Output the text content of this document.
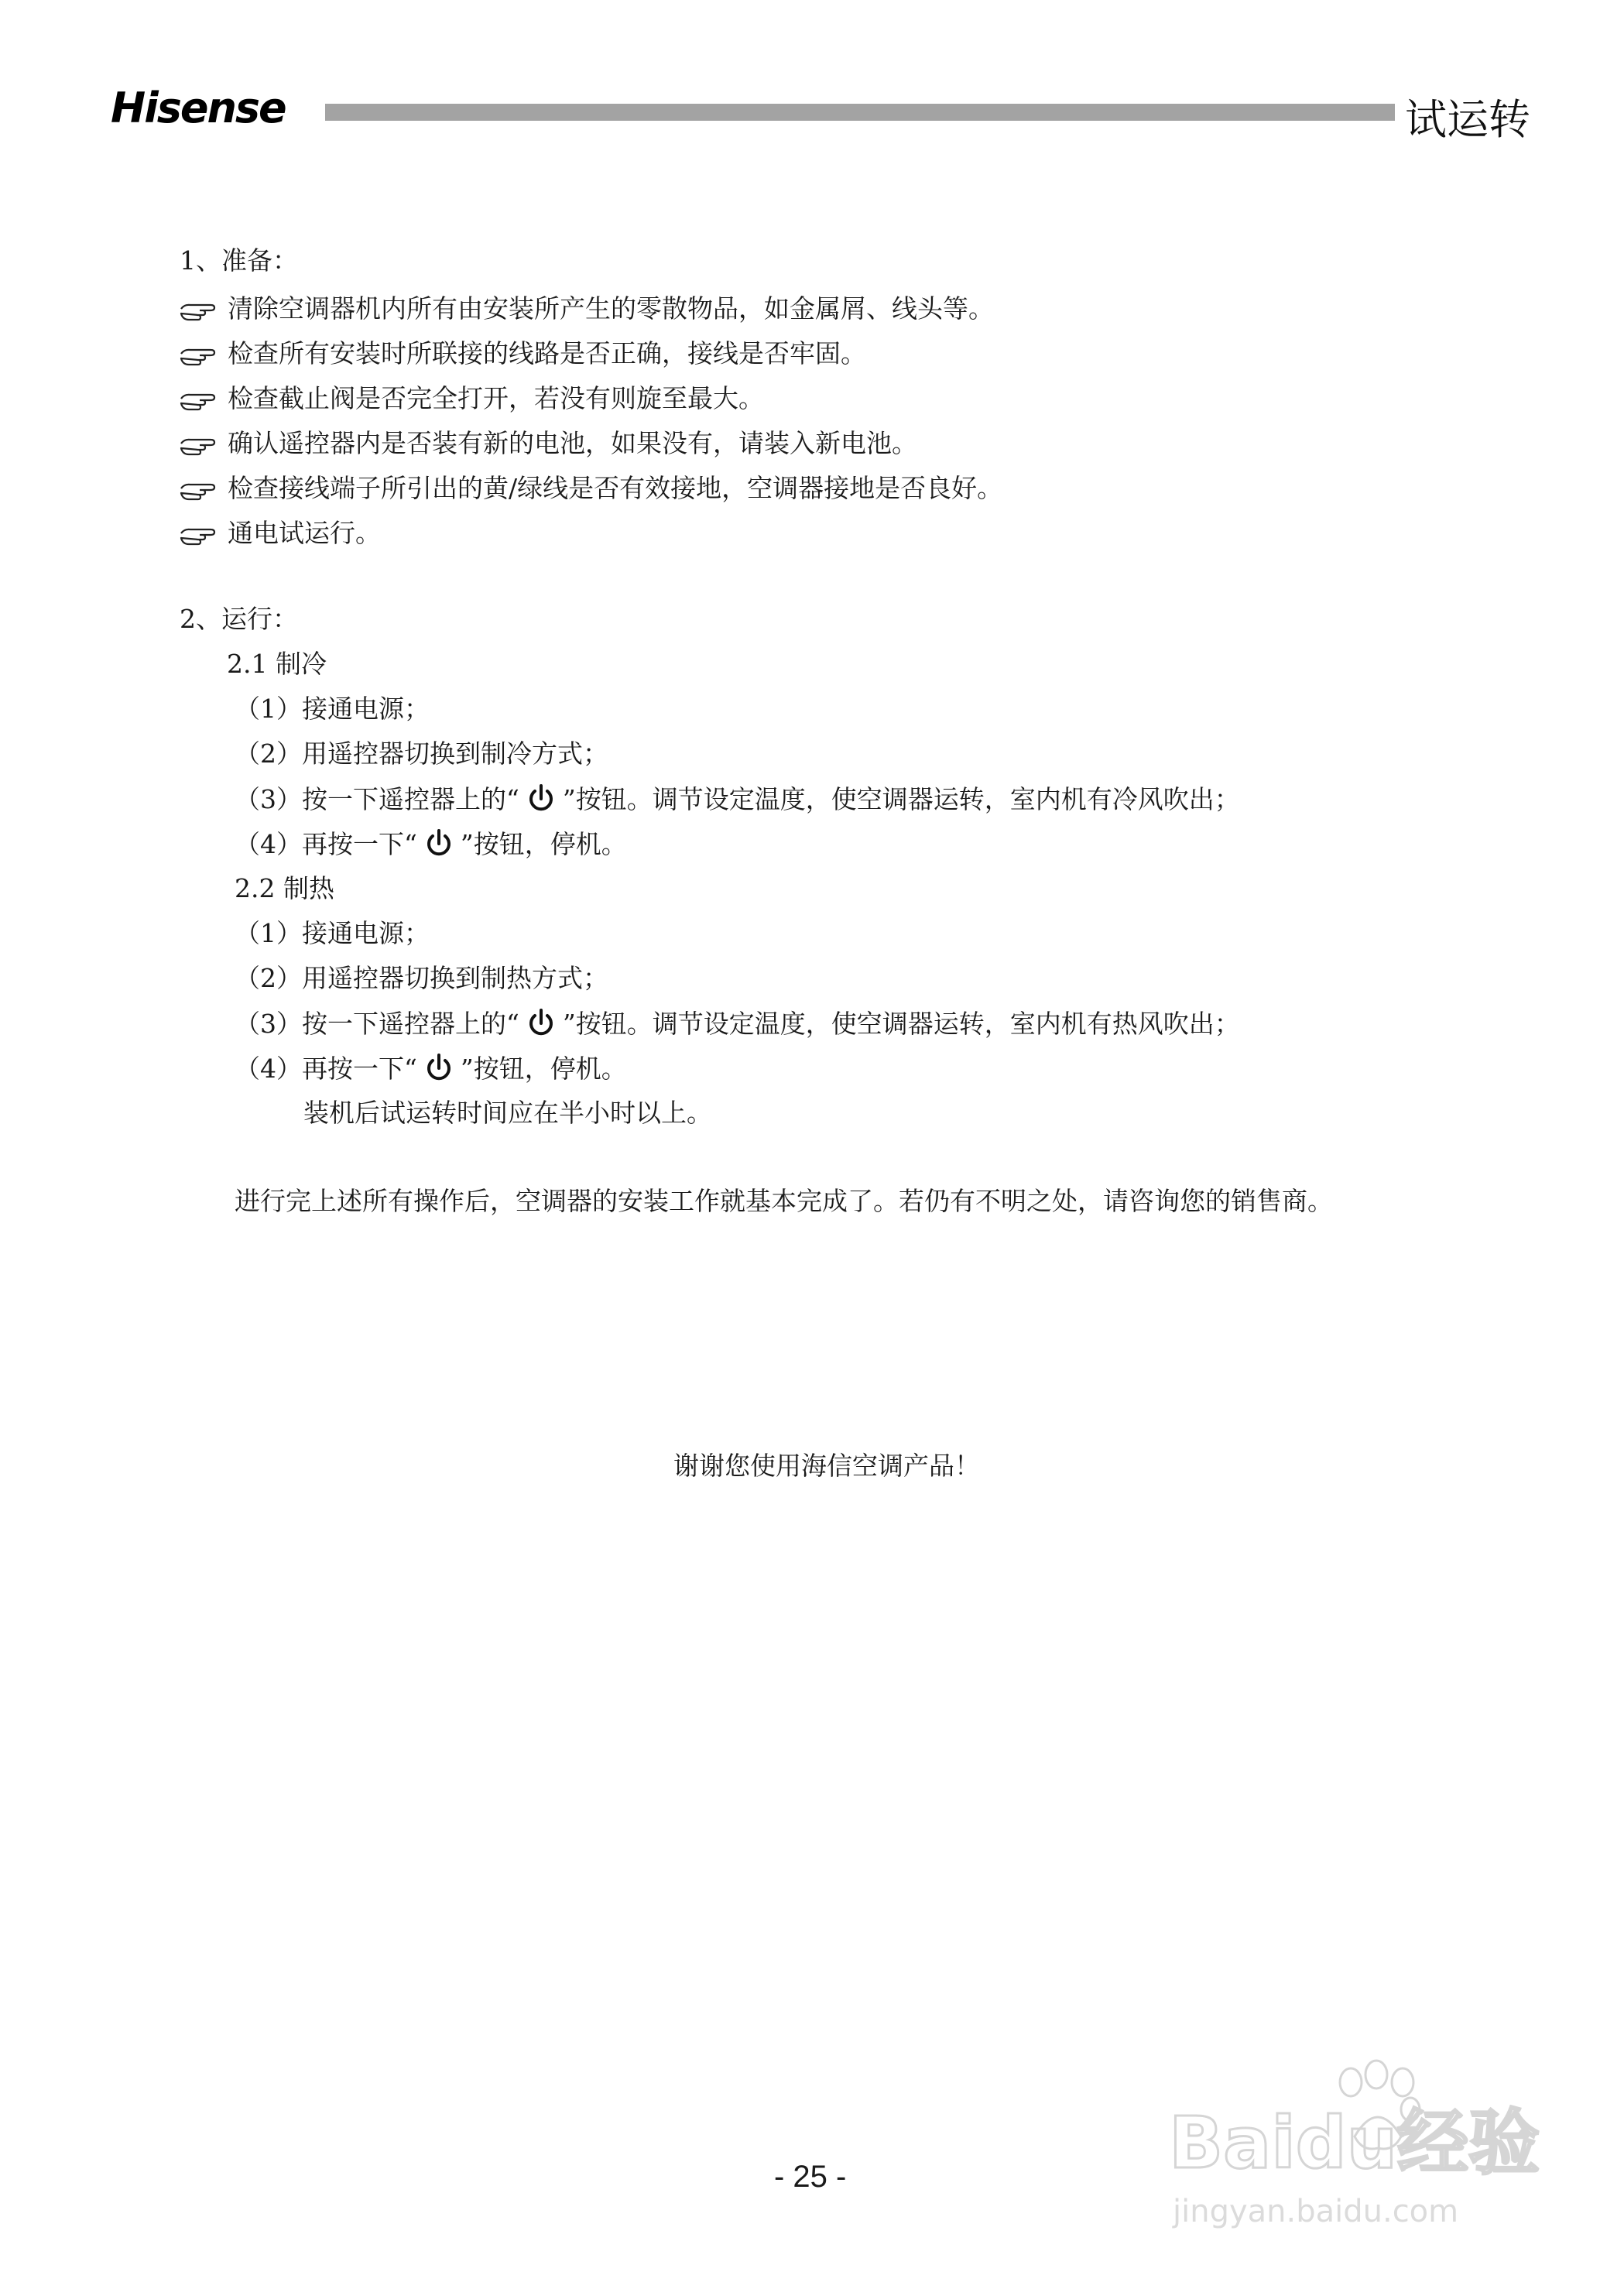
Hisense	试运转
1、准备：
清除空调器机内所有由安装所产生的零散物品，如金属屑、线头等。
检查所有安装时所联接的线路是否正确，接线是否牢固。
检查截止阀是否完全打开，若没有则旋至最大。
确认遥控器内是否装有新的电池，如果没有，请装入新电池。
检查接线端子所引出的黄/绿线是否有效接地，空调器接地是否良好。
通电试运行。
2、运行：
2.1 制冷
（1）接通电源；
（2）用遥控器切换到制冷方式；
（3）按一下遥控器上的“ ”按钮。调节设定温度，使空调器运转，室内机有冷风吹出；
（4）再按一下“ ”按钮，停机。
2.2 制热
（1）接通电源；
（2）用遥控器切换到制热方式；
（3）按一下遥控器上的“ ”按钮。调节设定温度，使空调器运转，室内机有热风吹出；
（4）再按一下“ ”按钮，停机。
装机后试运转时间应在半小时以上。
进行完上述所有操作后，空调器的安装工作就基本完成了。若仍有不明之处，请咨询您的销售商。
谢谢您使用海信空调产品！
Baidu经验
jingyan.baidu.com
- 25 -
